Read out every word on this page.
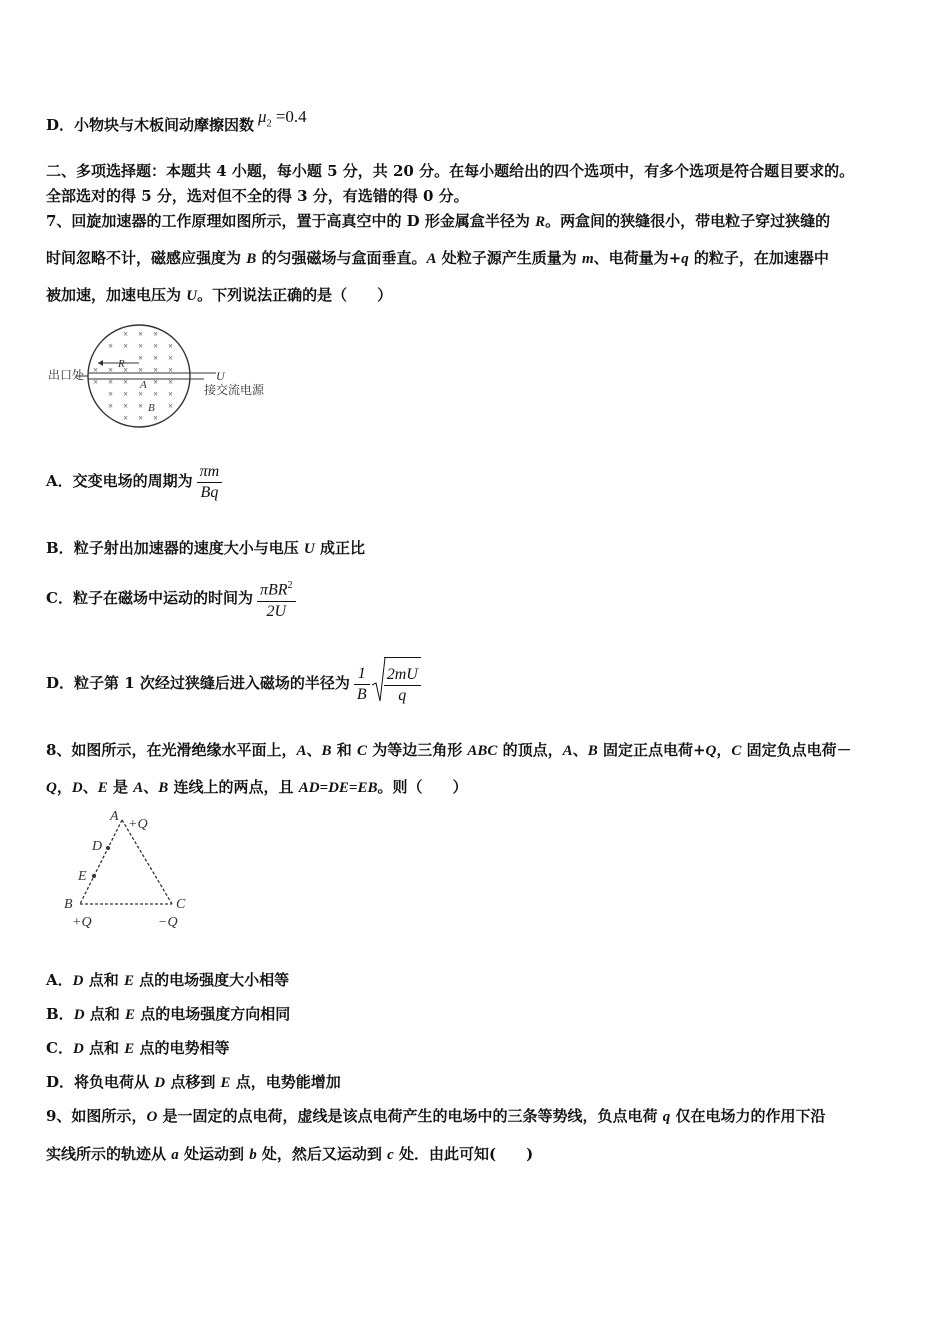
D．小物块与木板间动摩擦因数 $\mu_2 =0.4$
二、多项选择题：本题共 4 小题，每小题 5 分，共 20 分。在每小题给出的四个选项中，有多个选项是符合题目要求的。
全部选对的得 5 分，选对但不全的得 3 分，有选错的得 0 分。
7、回旋加速器的工作原理如图所示，置于高真空中的 D 形金属盒半径为 R。两盒间的狭缝很小，带电粒子穿过狭缝的
时间忽略不计，磁感应强度为 B 的匀强磁场与盒面垂直。A 处粒子源产生质量为 m、电荷量为+q 的粒子，在加速器中
被加速，加速电压为 U。下列说法正确的是（　　）
出口处	U
接交流电源
R
A
B
× × ×
× × × × ×
× × ×
× × × × × ×
× × ×	× ×
× × × × ×
× × ×	×
× × ×
A．交变电场的周期为 $\frac{\pi m}{Bq}$
B．粒子射出加速器的速度大小与电压 U 成正比
C．粒子在磁场中运动的时间为 $\frac{\pi BR^2}{2U}$
D．粒子第 1 次经过狭缝后进入磁场的半径为 $\frac{1}{B} \frac{2mU}{q}$
8、如图所示，在光滑绝缘水平面上，A、B 和 C 为等边三角形 ABC 的顶点，A、B 固定正点电荷+Q，C 固定负点电荷－
Q，D、E 是 A、B 连线上的两点，且 AD=DE=EB。则（　　）
A
+Q
D
E
B
+Q
C
−Q
A．D 点和 E 点的电场强度大小相等
B．D 点和 E 点的电场强度方向相同
C．D 点和 E 点的电势相等
D．将负电荷从 D 点移到 E 点，电势能增加
9、如图所示，O 是一固定的点电荷，虚线是该点电荷产生的电场中的三条等势线，负点电荷 q 仅在电场力的作用下沿
实线所示的轨迹从 a 处运动到 b 处，然后又运动到 c 处．由此可知(　　)
